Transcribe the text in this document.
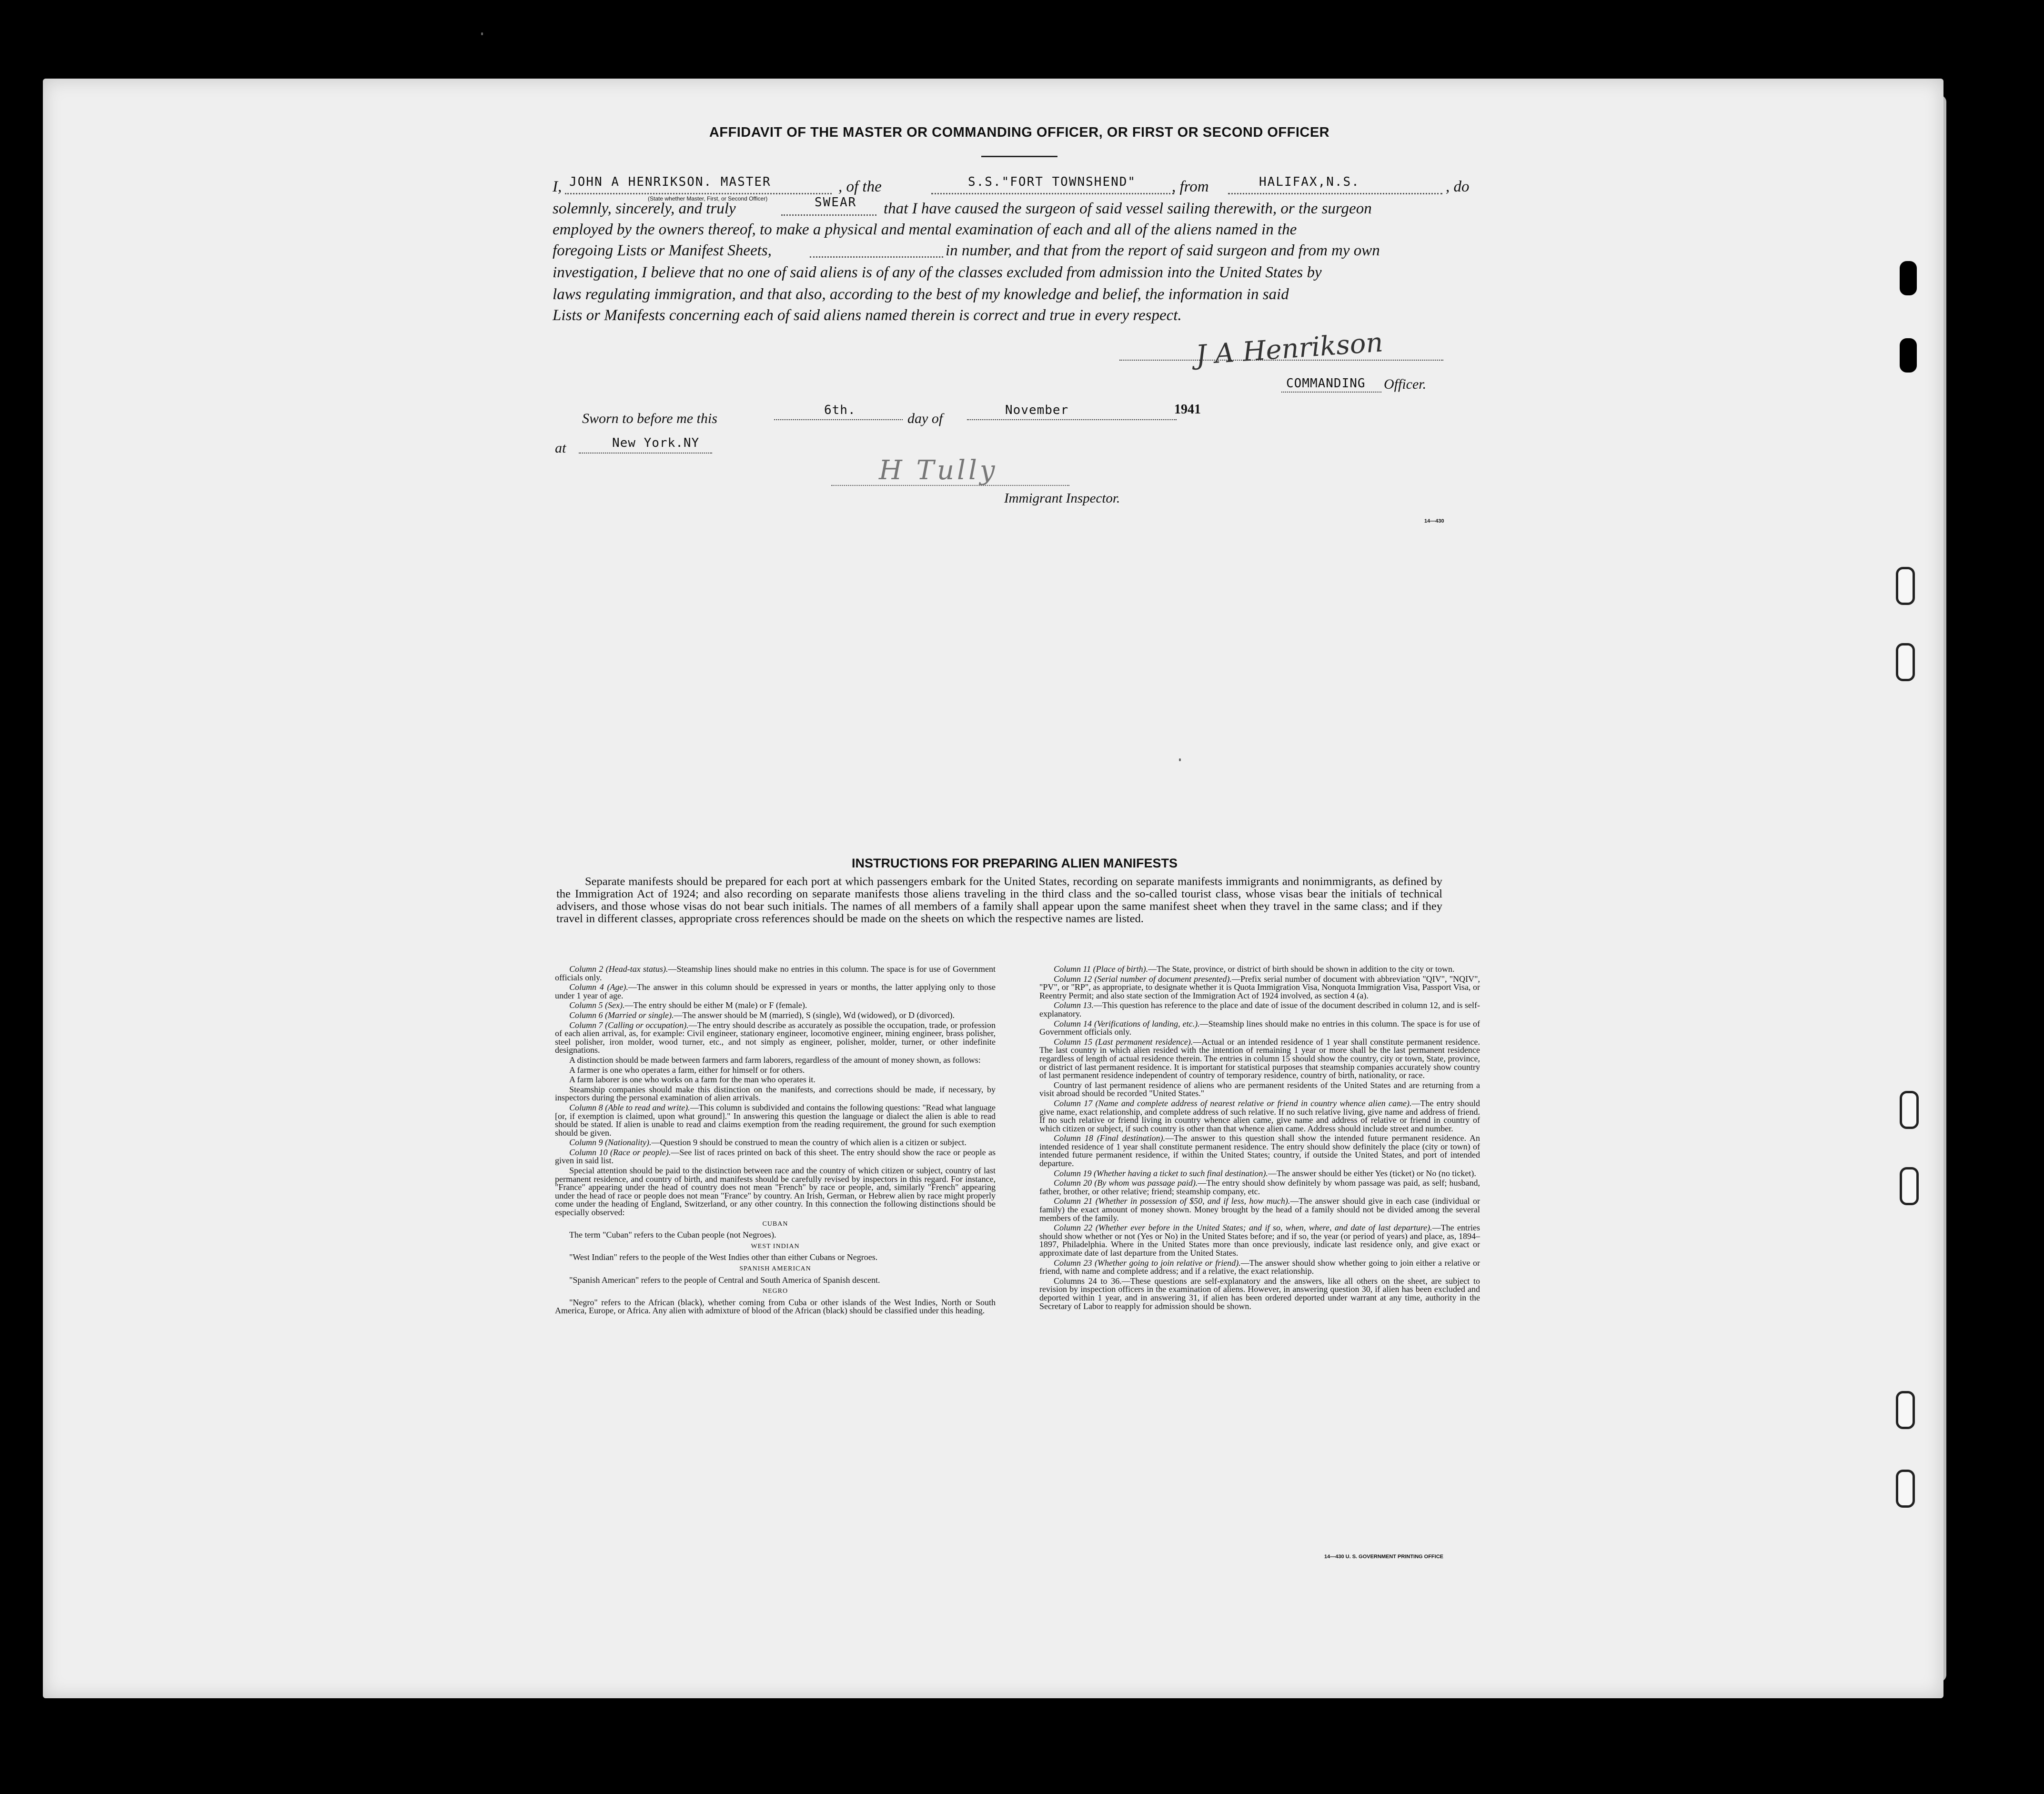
AFFIDAVIT OF THE MASTER OR COMMANDING OFFICER, OR FIRST OR SECOND OFFICER
I, JOHN A HENRIKSON. MASTER	, of the	S.S."FORT TOWNSHEND" , from	HALIFAX,N.S.	, do
(State whether Master, First, or Second Officer)
solemnly, sincerely, and truly	SWEAR that I have caused the surgeon of said vessel sailing therewith, or the surgeon
employed by the owners thereof, to make a physical and mental examination of each and all of the aliens named in the
foregoing Lists or Manifest Sheets,	in number, and that from the report of said surgeon and from my own
investigation, I believe that no one of said aliens is of any of the classes excluded from admission into the United States by
laws regulating immigration, and that also, according to the best of my knowledge and belief, the information in said
Lists or Manifests concerning each of said aliens named therein is correct and true in every respect.
J A Henrikson
COMMANDING Officer.
Sworn to before me this
6th.
day of
November	1941
at	New York.NY
H Tully
Immigrant Inspector.
14—430
INSTRUCTIONS FOR PREPARING ALIEN MANIFESTS

Separate manifests should be prepared for each port at which passengers embark for the United States, recording on separate manifests immigrants and nonimmigrants, as defined by the Immigration Act of 1924; and also recording on separate manifests those aliens traveling in the third class and the so-called tourist class, whose visas bear the initials of technical advisers, and those whose visas do not bear such initials. The names of all members of a family shall appear upon the same manifest sheet when they travel in the same class; and if they travel in different classes, appropriate cross references should be made on the sheets on which the respective names are listed.

Column 2 (Head-tax status).—Steamship lines should make no entries in this column. The space is for use of Government officials only.

Column 4 (Age).—The answer in this column should be expressed in years or months, the latter applying only to those under 1 year of age.

Column 5 (Sex).—The entry should be either M (male) or F (female).

Column 6 (Married or single).—The answer should be M (married), S (single), Wd (widowed), or D (divorced).

Column 7 (Calling or occupation).—The entry should describe as accurately as possible the occupation, trade, or profession of each alien arrival, as, for example: Civil engineer, stationary engineer, locomotive engineer, mining engineer, brass polisher, steel polisher, iron molder, wood turner, etc., and not simply as engineer, polisher, molder, turner, or other indefinite designations.

A distinction should be made between farmers and farm laborers, regardless of the amount of money shown, as follows:

A farmer is one who operates a farm, either for himself or for others.

A farm laborer is one who works on a farm for the man who operates it.

Steamship companies should make this distinction on the manifests, and corrections should be made, if necessary, by inspectors during the personal examination of alien arrivals.

Column 8 (Able to read and write).—This column is subdivided and contains the following questions: "Read what language [or, if exemption is claimed, upon what ground]." In answering this question the language or dialect the alien is able to read should be stated. If alien is unable to read and claims exemption from the reading requirement, the ground for such exemption should be given.

Column 9 (Nationality).—Question 9 should be construed to mean the country of which alien is a citizen or subject.

Column 10 (Race or people).—See list of races printed on back of this sheet. The entry should show the race or people as given in said list.

Special attention should be paid to the distinction between race and the country of which citizen or subject, country of last permanent residence, and country of birth, and manifests should be carefully revised by inspectors in this regard. For instance, "France" appearing under the head of country does not mean "French" by race or people, and, similarly "French" appearing under the head of race or people does not mean "France" by country. An Irish, German, or Hebrew alien by race might properly come under the heading of England, Switzerland, or any other country. In this connection the following distinctions should be especially observed:

CUBAN

The term "Cuban" refers to the Cuban people (not Negroes).

WEST INDIAN

"West Indian" refers to the people of the West Indies other than either Cubans or Negroes.

SPANISH AMERICAN

"Spanish American" refers to the people of Central and South America of Spanish descent.

NEGRO

"Negro" refers to the African (black), whether coming from Cuba or other islands of the West Indies, North or South America, Europe, or Africa. Any alien with admixture of blood of the African (black) should be classified under this heading.

Column 11 (Place of birth).—The State, province, or district of birth should be shown in addition to the city or town.

Column 12 (Serial number of document presented).—Prefix serial number of document with abbreviation "QIV", "NQIV", "PV", or "RP", as appropriate, to designate whether it is Quota Immigration Visa, Nonquota Immigration Visa, Passport Visa, or Reentry Permit; and also state section of the Immigration Act of 1924 involved, as section 4 (a).

Column 13.—This question has reference to the place and date of issue of the document described in column 12, and is self-explanatory.

Column 14 (Verifications of landing, etc.).—Steamship lines should make no entries in this column. The space is for use of Government officials only.

Column 15 (Last permanent residence).—Actual or an intended residence of 1 year shall constitute permanent residence. The last country in which alien resided with the intention of remaining 1 year or more shall be the last permanent residence regardless of length of actual residence therein. The entries in column 15 should show the country, city or town, State, province, or district of last permanent residence. It is important for statistical purposes that steamship companies accurately show country of last permanent residence independent of country of temporary residence, country of birth, nationality, or race.

Country of last permanent residence of aliens who are permanent residents of the United States and are returning from a visit abroad should be recorded "United States."

Column 17 (Name and complete address of nearest relative or friend in country whence alien came).—The entry should give name, exact relationship, and complete address of such relative. If no such relative living, give name and address of friend. If no such relative or friend living in country whence alien came, give name and address of relative or friend in country of which citizen or subject, if such country is other than that whence alien came. Address should include street and number.

Column 18 (Final destination).—The answer to this question shall show the intended future permanent residence. An intended residence of 1 year shall constitute permanent residence. The entry should show definitely the place (city or town) of intended future permanent residence, if within the United States; country, if outside the United States, and port of intended departure.

Column 19 (Whether having a ticket to such final destination).—The answer should be either Yes (ticket) or No (no ticket).

Column 20 (By whom was passage paid).—The entry should show definitely by whom passage was paid, as self; husband, father, brother, or other relative; friend; steamship company, etc.

Column 21 (Whether in possession of $50, and if less, how much).—The answer should give in each case (individual or family) the exact amount of money shown. Money brought by the head of a family should not be divided among the several members of the family.

Column 22 (Whether ever before in the United States; and if so, when, where, and date of last departure).—The entries should show whether or not (Yes or No) in the United States before; and if so, the year (or period of years) and place, as, 1894–1897, Philadelphia. Where in the United States more than once previously, indicate last residence only, and give exact or approximate date of last departure from the United States.

Column 23 (Whether going to join relative or friend).—The answer should show whether going to join either a relative or friend, with name and complete address; and if a relative, the exact relationship.

Columns 24 to 36.—These questions are self-explanatory and the answers, like all others on the sheet, are subject to revision by inspection officers in the examination of aliens. However, in answering question 30, if alien has been excluded and deported within 1 year, and in answering 31, if alien has been ordered deported under warrant at any time, authority in the Secretary of Labor to reapply for admission should be shown.

14—430 U. S. GOVERNMENT PRINTING OFFICE
